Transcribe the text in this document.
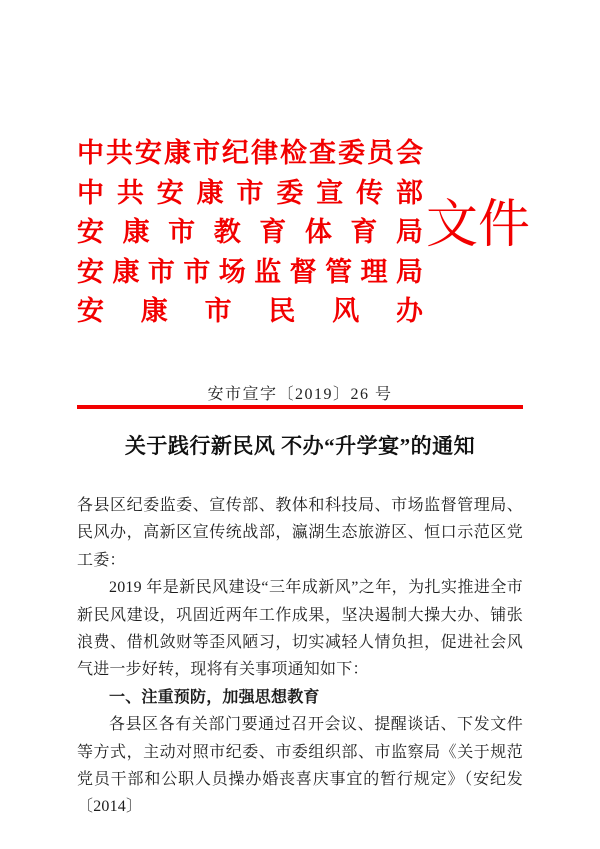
中 共 安 康 市 纪 律 检 查 委 员 会
中 共 安 康 市 委 宣 传 部
安 康 市 教 育 体 育 局
安 康 市 市 场 监 督 管 理 局
安 康 市 民 风 办
文件
安市宣字〔2019〕26 号
关于践行新民风 不办“升学宴”的通知

各县区纪委监委、宣传部、教体和科技局、市场监督管理局、民风办，高新区宣传统战部，瀛湖生态旅游区、恒口示范区党工委：

2019 年是新民风建设“三年成新风”之年，为扎实推进全市新民风建设，巩固近两年工作成果，坚决遏制大操大办、铺张浪费、借机敛财等歪风陋习，切实减轻人情负担，促进社会风气进一步好转，现将有关事项通知如下：

一、注重预防，加强思想教育

各县区各有关部门要通过召开会议、提醒谈话、下发文件等方式，主动对照市纪委、市委组织部、市监察局《关于规范党员干部和公职人员操办婚丧喜庆事宜的暂行规定》（安纪发〔2014〕
